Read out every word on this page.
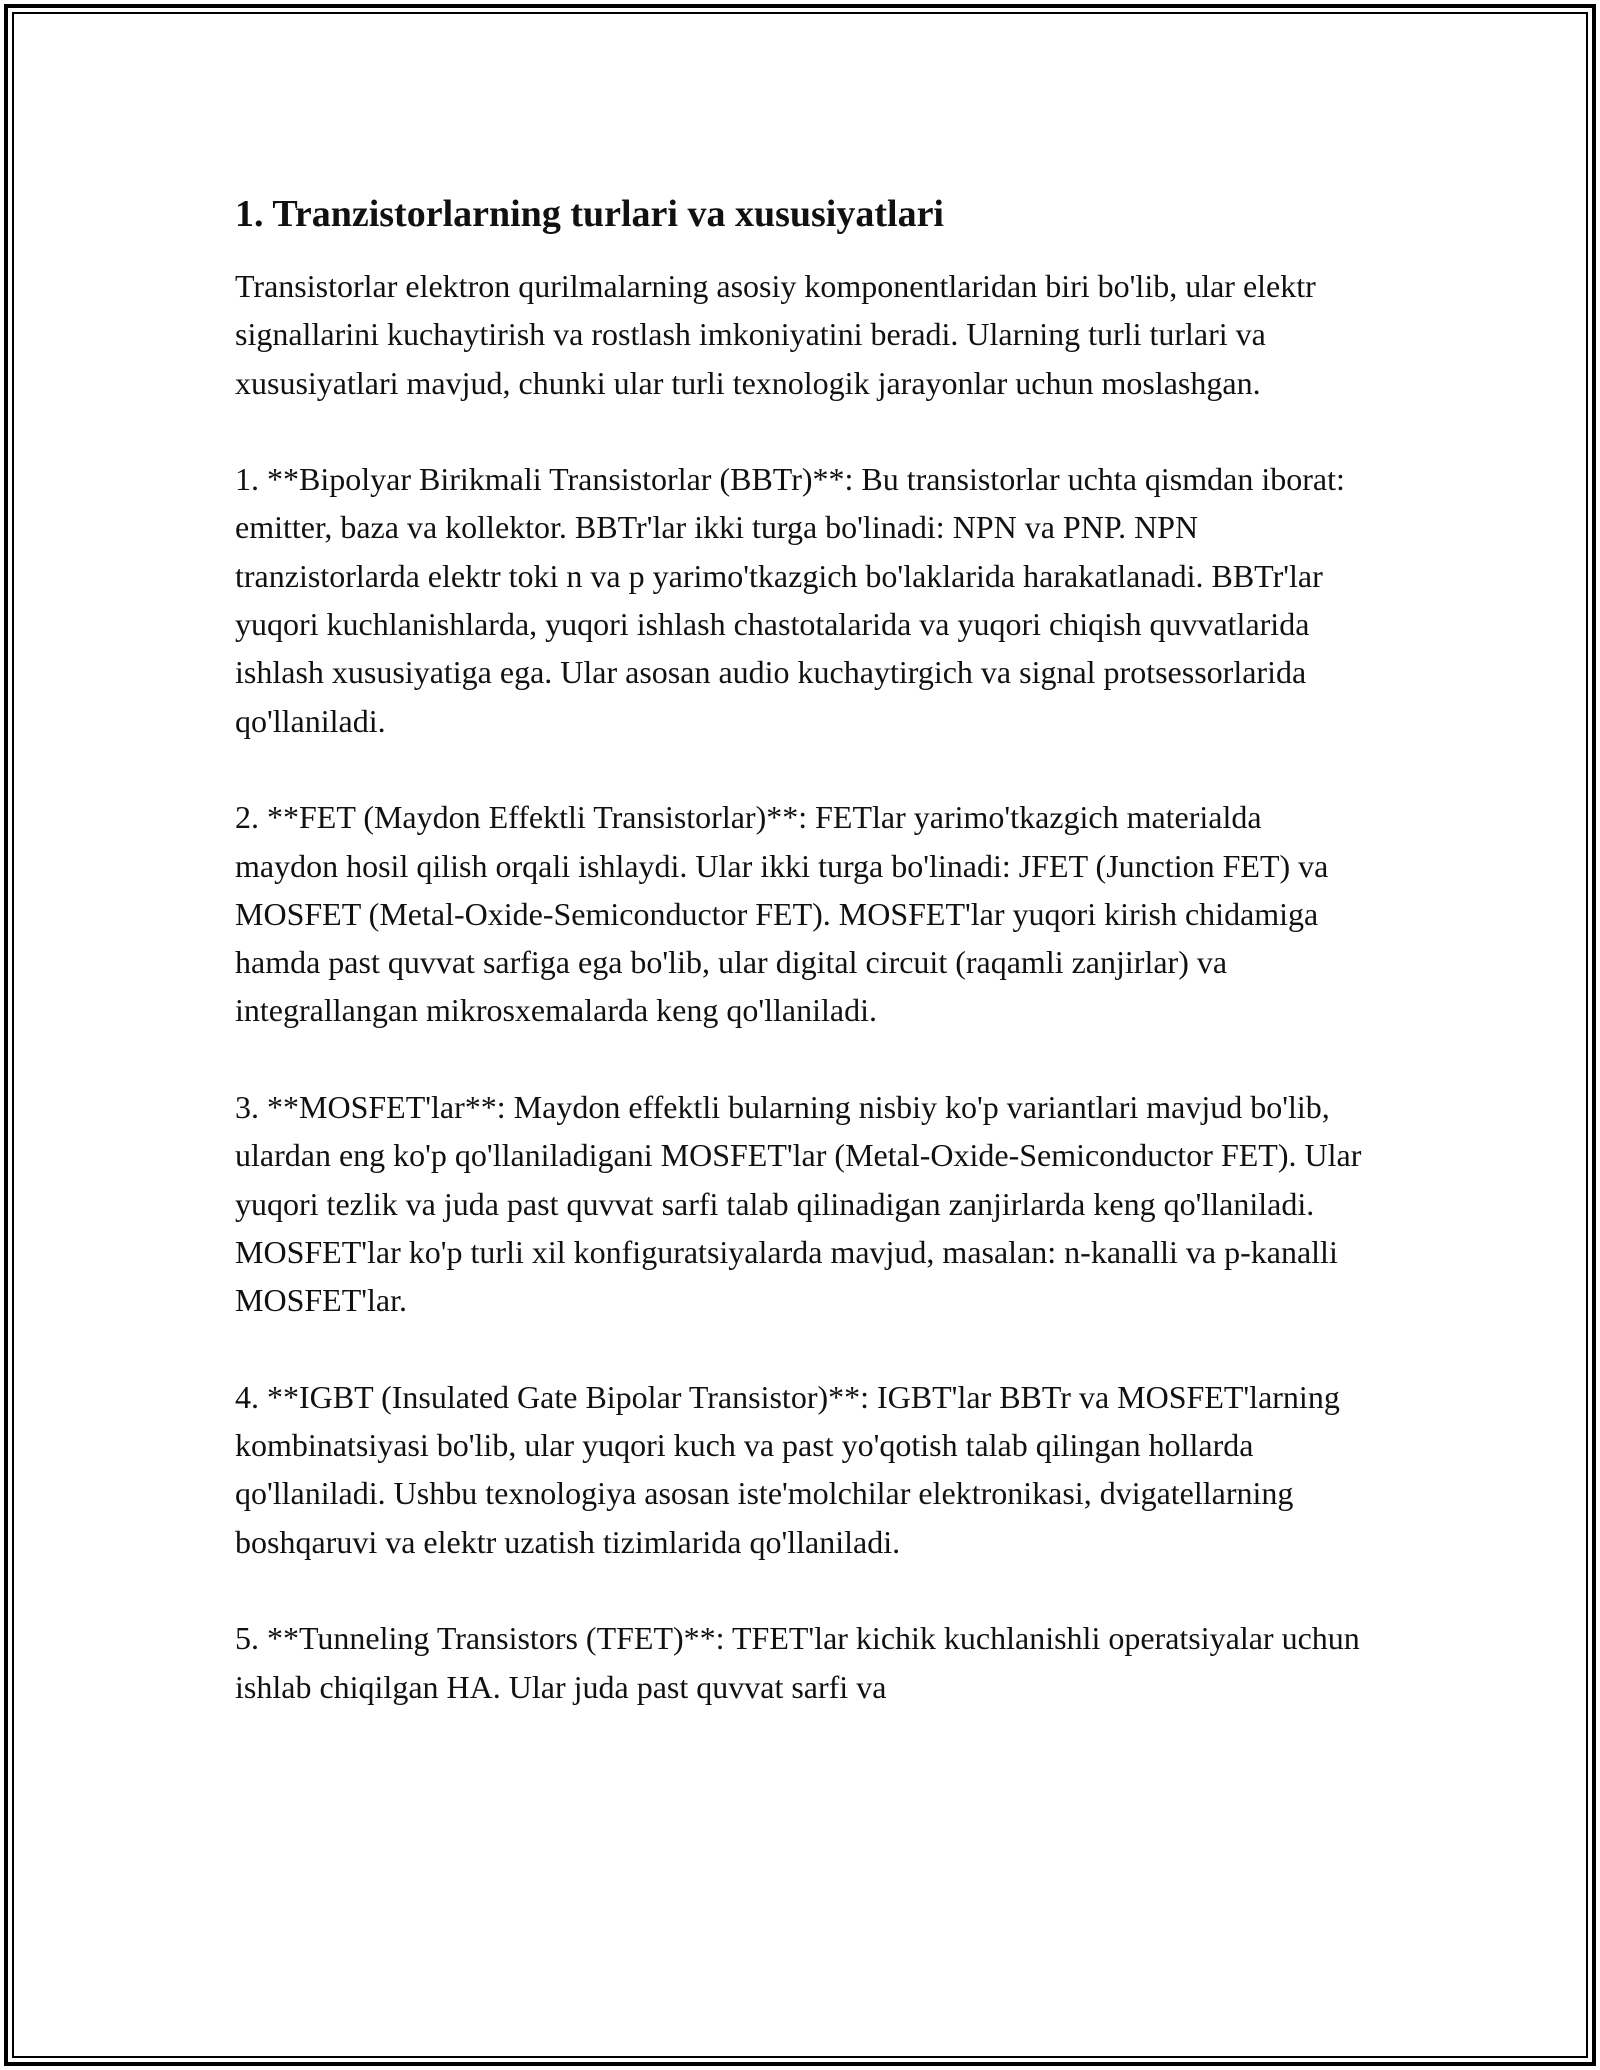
1. Tranzistorlarning turlari va xususiyatlari

Transistorlar elektron qurilmalarning asosiy komponentlaridan biri bo'lib, ular elektr signallarini kuchaytirish va rostlash imkoniyatini beradi. Ularning turli turlari va xususiyatlari mavjud, chunki ular turli texnologik jarayonlar uchun moslashgan.

1. **Bipolyar Birikmali Transistorlar (BBTr)**: Bu transistorlar uchta qismdan iborat: emitter, baza va kollektor. BBTr'lar ikki turga bo'linadi: NPN va PNP. NPN tranzistorlarda elektr toki n va p yarimo'tkazgich bo'laklarida harakatlanadi. BBTr'lar yuqori kuchlanishlarda, yuqori ishlash chastotalarida va yuqori chiqish quvvatlarida ishlash xususiyatiga ega. Ular asosan audio kuchaytirgich va signal protsessorlarida qo'llaniladi.

2. **FET (Maydon Effektli Transistorlar)**: FETlar yarimo'tkazgich materialda maydon hosil qilish orqali ishlaydi. Ular ikki turga bo'linadi: JFET (Junction FET) va MOSFET (Metal-Oxide-Semiconductor FET). MOSFET'lar yuqori kirish chidamiga hamda past quvvat sarfiga ega bo'lib, ular digital circuit (raqamli zanjirlar) va integrallangan mikrosxemalarda keng qo'llaniladi.

3. **MOSFET'lar**: Maydon effektli bularning nisbiy ko'p variantlari mavjud bo'lib, ulardan eng ko'p qo'llaniladigani MOSFET'lar (Metal-Oxide-Semiconductor FET). Ular yuqori tezlik va juda past quvvat sarfi talab qilinadigan zanjirlarda keng qo'llaniladi. MOSFET'lar ko'p turli xil konfiguratsiyalarda mavjud, masalan: n-kanalli va p-kanalli MOSFET'lar.

4. **IGBT (Insulated Gate Bipolar Transistor)**: IGBT'lar BBTr va MOSFET'larning kombinatsiyasi bo'lib, ular yuqori kuch va past yo'qotish talab qilingan hollarda qo'llaniladi. Ushbu texnologiya asosan iste'molchilar elektronikasi, dvigatellarning boshqaruvi va elektr uzatish tizimlarida qo'llaniladi.

5. **Tunneling Transistors (TFET)**: TFET'lar kichik kuchlanishli operatsiyalar uchun ishlab chiqilgan HA. Ular juda past quvvat sarfi va
